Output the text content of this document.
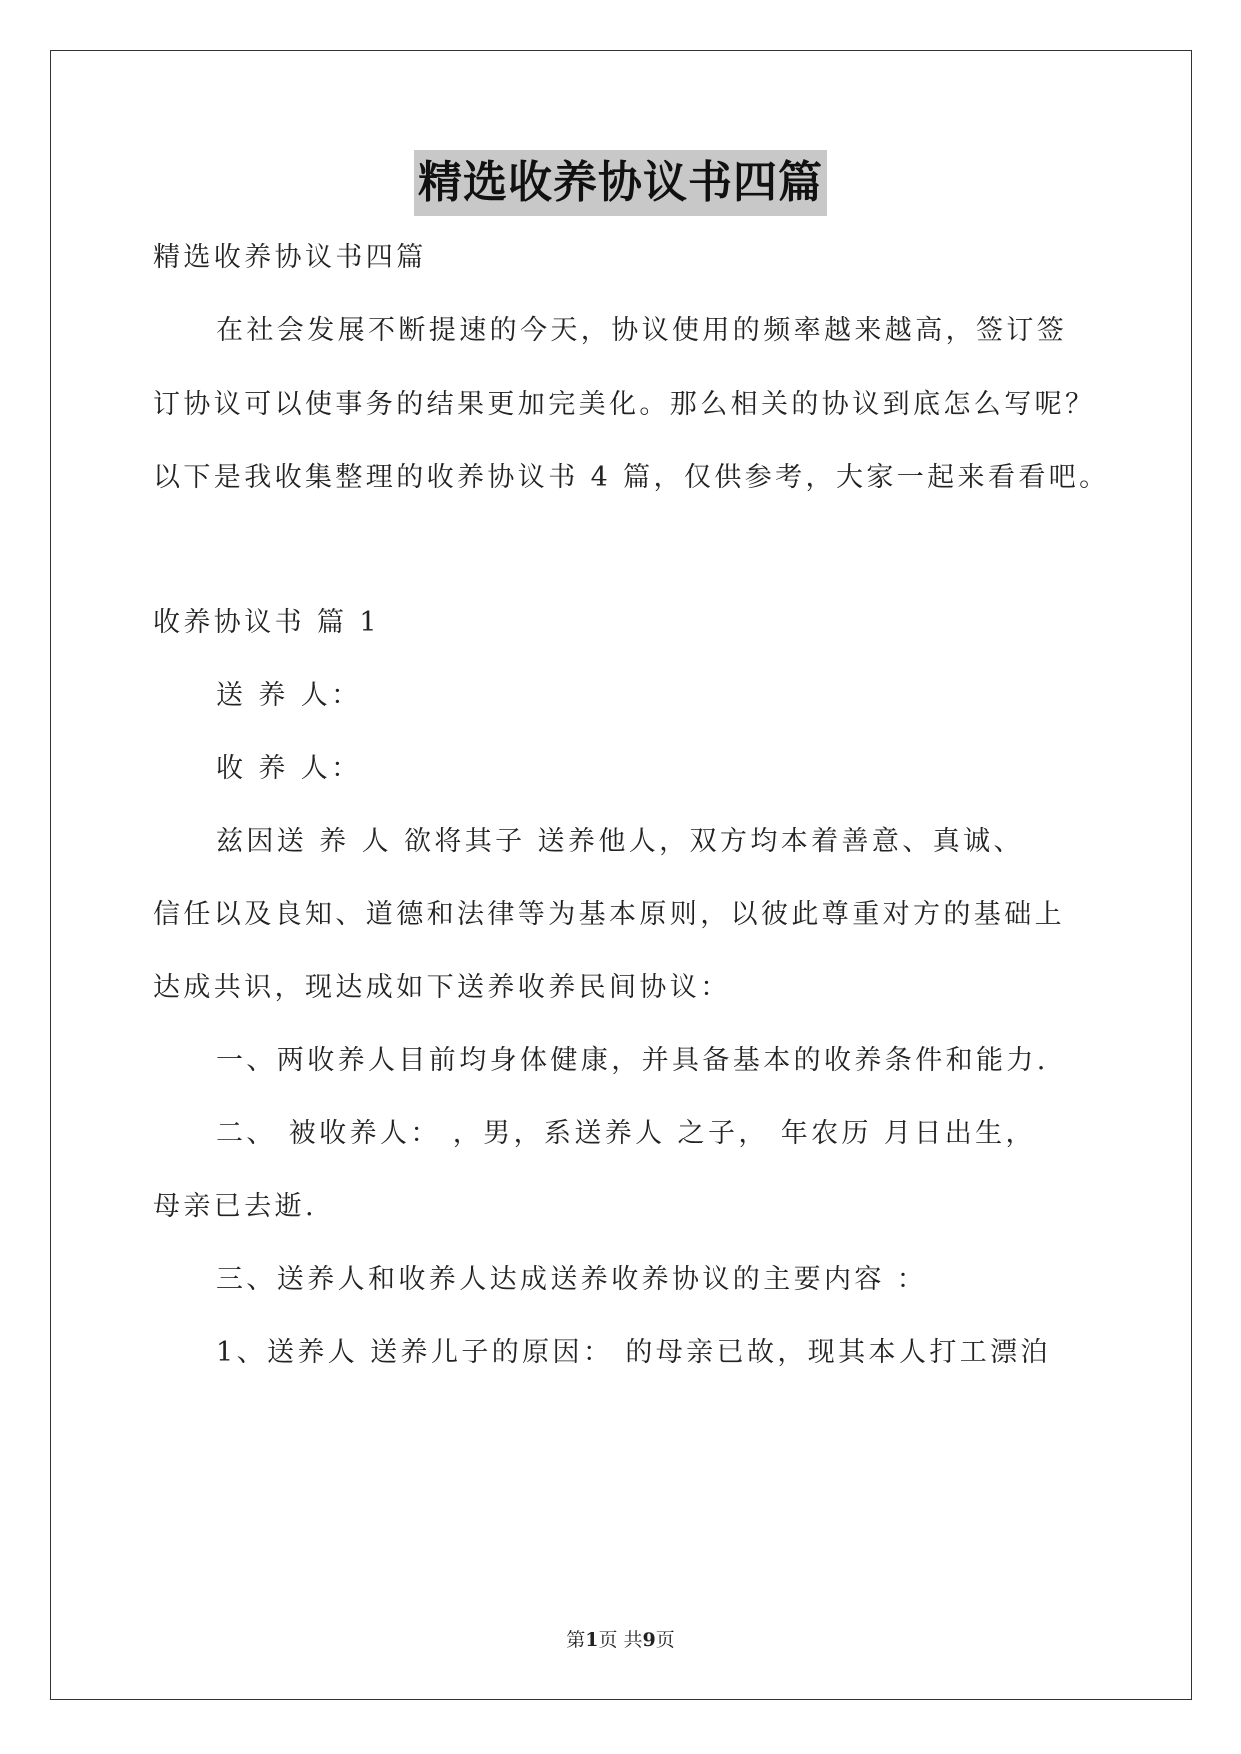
精选收养协议书四篇
精选收养协议书四篇
在社会发展不断提速的今天，协议使用的频率越来越高，签订签
订协议可以使事务的结果更加完美化。那么相关的协议到底怎么写呢？
以下是我收集整理的收养协议书 4 篇，仅供参考，大家一起来看看吧。
收养协议书 篇 1
送 养 人：
收 养 人：
兹因送 养 人 欲将其子 送养他人，双方均本着善意、真诚、
信任以及良知、道德和法律等为基本原则，以彼此尊重对方的基础上
达成共识，现达成如下送养收养民间协议：
一、两收养人目前均身体健康，并具备基本的收养条件和能力.
二、 被收养人： ，男，系送养人 之子， 年农历 月日出生，
母亲已去逝.
三、送养人和收养人达成送养收养协议的主要内容 ：
1、送养人 送养儿子的原因： 的母亲已故，现其本人打工漂泊
第1页 共9页
